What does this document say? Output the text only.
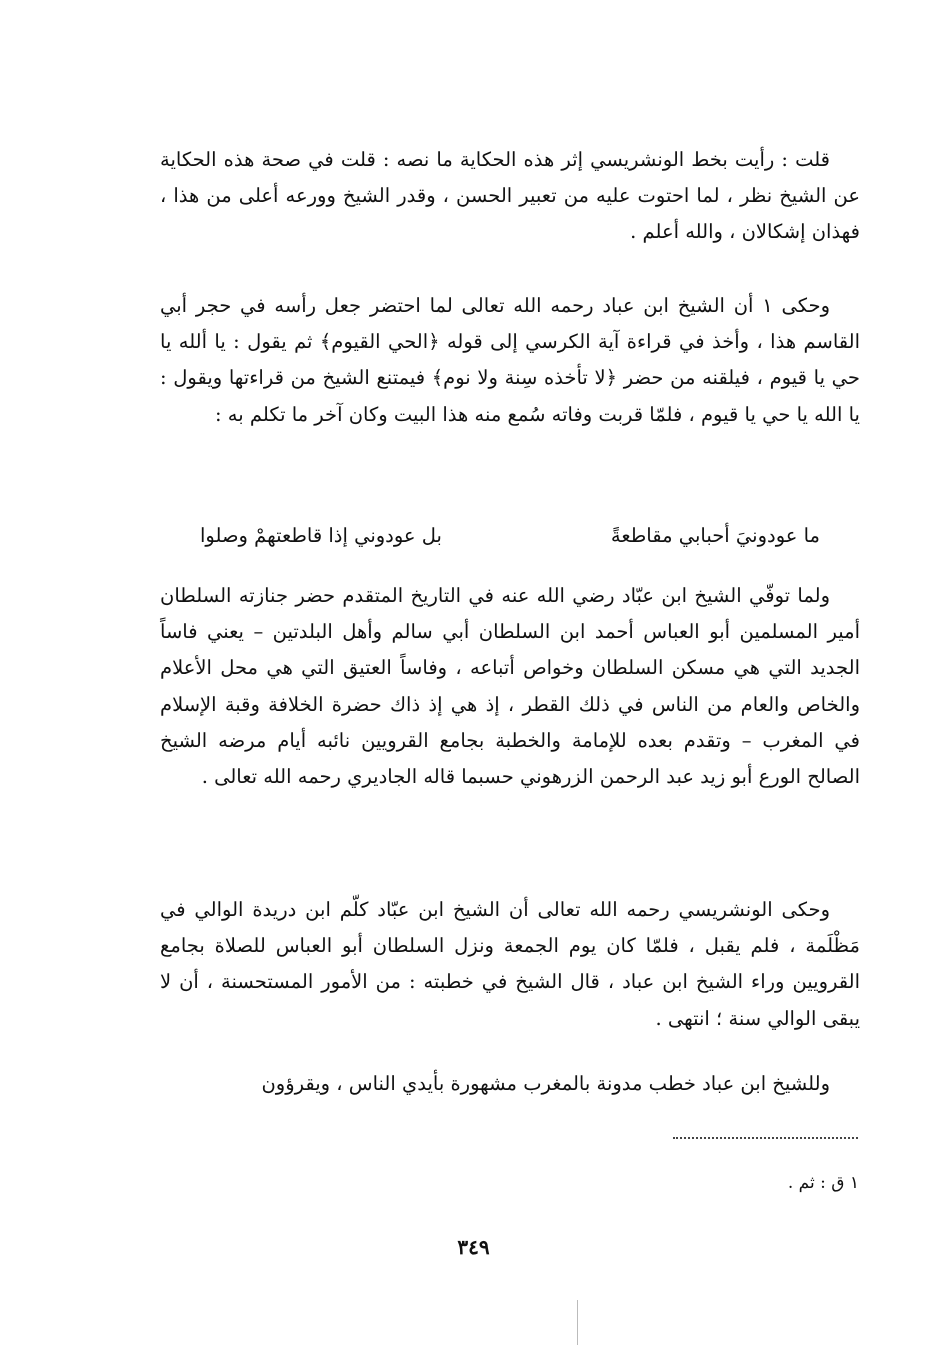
قلت : رأيت بخط الونشريسي إثر هذه الحكاية ما نصه : قلت في صحة هذه الحكاية عن الشيخ نظر ، لما احتوت عليه من تعبير الحسن ، وقدر الشيخ وورعه أعلى من هذا ، فهذان إشكالان ، والله أعلم .

وحكى ١ أن الشيخ ابن عباد رحمه الله تعالى لما احتضر جعل رأسه في حجر أبي القاسم هذا ، وأخذ في قراءة آية الكرسي إلى قوله ﴿الحي القيوم﴾ ثم يقول : يا ألله يا حي يا قيوم ، فيلقنه من حضر ﴿لا تأخذه سِنة ولا نوم﴾ فيمتنع الشيخ من قراءتها ويقول : يا الله يا حي يا قيوم ، فلمّا قربت وفاته سُمع منه هذا البيت وكان آخر ما تكلم به :

ما عودونيَ أحبابي مقاطعةً
بل عودوني إذا قاطعتهمْ وصلوا

ولما توفّي الشيخ ابن عبّاد رضي الله عنه في التاريخ المتقدم حضر جنازته السلطان أمير المسلمين أبو العباس أحمد ابن السلطان أبي سالم وأهل البلدتين – يعني فاساً الجديد التي هي مسكن السلطان وخواص أتباعه ، وفاساً العتيق التي هي محل الأعلام والخاص والعام من الناس في ذلك القطر ، إذ هي إذ ذاك حضرة الخلافة وقبة الإسلام في المغرب – وتقدم بعده للإمامة والخطبة بجامع القرويين نائبه أيام مرضه الشيخ الصالح الورع أبو زيد عبد الرحمن الزرهوني حسبما قاله الجاديري رحمه الله تعالى .

وحكى الونشريسي رحمه الله تعالى أن الشيخ ابن عبّاد كلّم ابن دريدة الوالي في مَظْلَمة ، فلم يقبل ، فلمّا كان يوم الجمعة ونزل السلطان أبو العباس للصلاة بجامع القرويين وراء الشيخ ابن عباد ، قال الشيخ في خطبته : من الأمور المستحسنة ، أن لا يبقى الوالي سنة ؛ انتهى .

وللشيخ ابن عباد خطب مدونة بالمغرب مشهورة بأيدي الناس ، ويقرؤون

١ ق : ثم .
٣٤٩
